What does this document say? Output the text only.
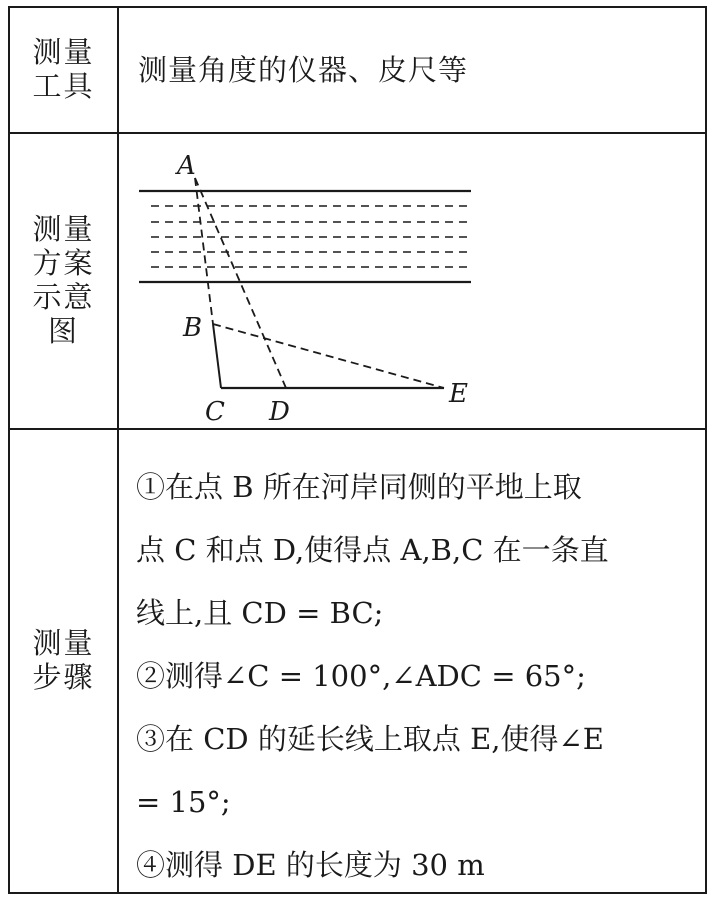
测量
工具 测量角度的仪器、皮尺等
测量
方案
示意
图
A
B
C D
E
测量
步骤
①在点 B 所在河岸同侧的平地上取
点 C 和点 D,使得点 A,B,C 在一条直
线上,且 CD = BC;
②测得∠C = 100°,∠ADC = 65°;
③在 CD 的延长线上取点 E,使得∠E
= 15°;
④测得 DE 的长度为 30 m
